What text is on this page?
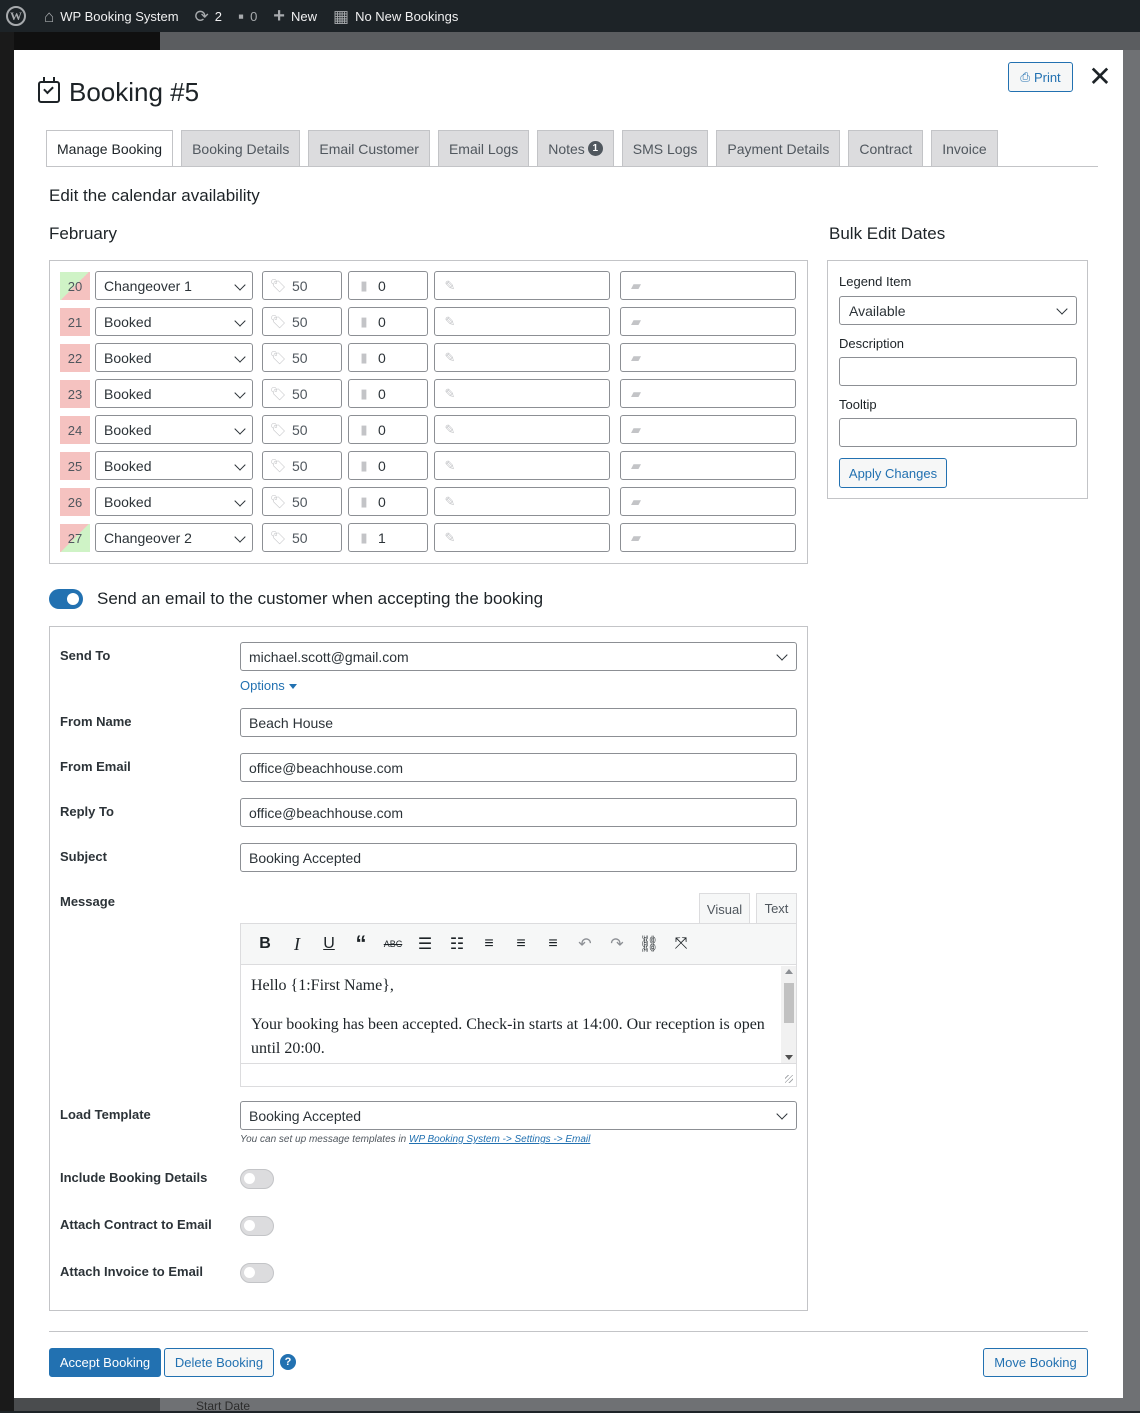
W ⌂ WP Booking System ⟳ 2 ▪ 0 + New ▦ No New Bookings
Start Date
Booking #5	⎙ Print ✕
Manage Booking Booking Details Email Customer Email Logs Notes 1	SMS Logs Payment Details Contract Invoice
Edit the calendar availability
February	Bulk Edit Dates
20	Changeover 1	🏷 50	▮ 0	✎	▰
21	Booked	🏷 50	▮ 0	✎	▰
22	Booked	🏷 50	▮ 0	✎	▰
23	Booked	🏷 50	▮ 0	✎	▰
24	Booked	🏷 50	▮ 0	✎	▰
25	Booked	🏷 50	▮ 0	✎	▰
26	Booked	🏷 50	▮ 0	✎	▰
27	Changeover 2	🏷 50	▮ 1	✎	▰
Legend Item
Available
Description
Tooltip
Apply Changes
Send an email to the customer when accepting the booking
Send To	michael.scott@gmail.com
Options
From Name	Beach House
From Email	office@beachhouse.com
Reply To	office@beachhouse.com
Subject	Booking Accepted
Message	Visual	Text
B	I	U “	ABC ☰	☷	≡	≡	≡	↶	↷ ⛓ ⤧

Hello {1:First Name},

Your booking has been accepted. Check-in starts at 14:00. Our reception is open until 20:00.

Load Template	Booking Accepted
You can set up message templates in WP Booking System -> Settings -> Email
Include Booking Details
Attach Contract to Email
Attach Invoice to Email
Accept Booking	Delete Booking	?	Move Booking
